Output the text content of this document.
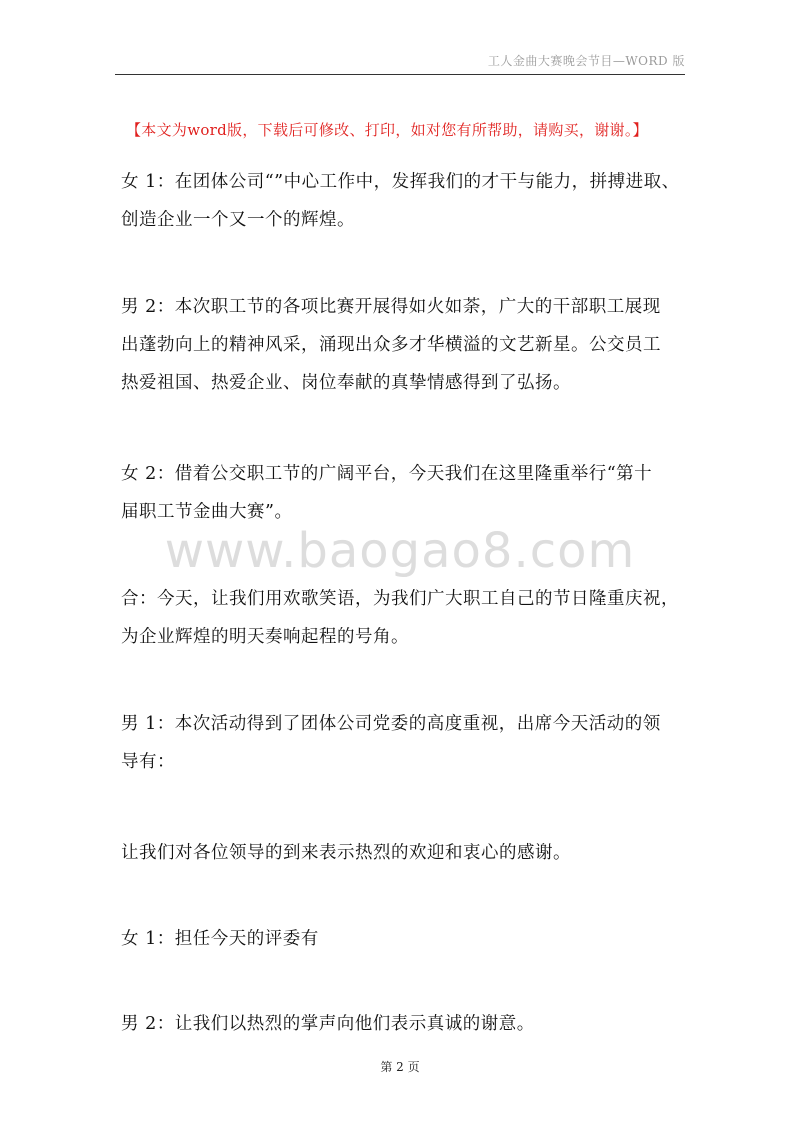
工人金曲大赛晚会节目—WORD 版
【本文为word版，下载后可修改、打印，如对您有所帮助，请购买，谢谢。】
女 1：在团体公司“”中心工作中，发挥我们的才干与能力，拼搏进取、
创造企业一个又一个的辉煌。
男 2：本次职工节的各项比赛开展得如火如荼，广大的干部职工展现
出蓬勃向上的精神风采，涌现出众多才华横溢的文艺新星。公交员工
热爱祖国、热爱企业、岗位奉献的真挚情感得到了弘扬。
女 2：借着公交职工节的广阔平台，今天我们在这里隆重举行“第十
届职工节金曲大赛”。
www.baogao8.com
合：今天，让我们用欢歌笑语，为我们广大职工自己的节日隆重庆祝，
为企业辉煌的明天奏响起程的号角。
男 1：本次活动得到了团体公司党委的高度重视，出席今天活动的领
导有：
让我们对各位领导的到来表示热烈的欢迎和衷心的感谢。
女 1：担任今天的评委有
男 2：让我们以热烈的掌声向他们表示真诚的谢意。
第 2 页
